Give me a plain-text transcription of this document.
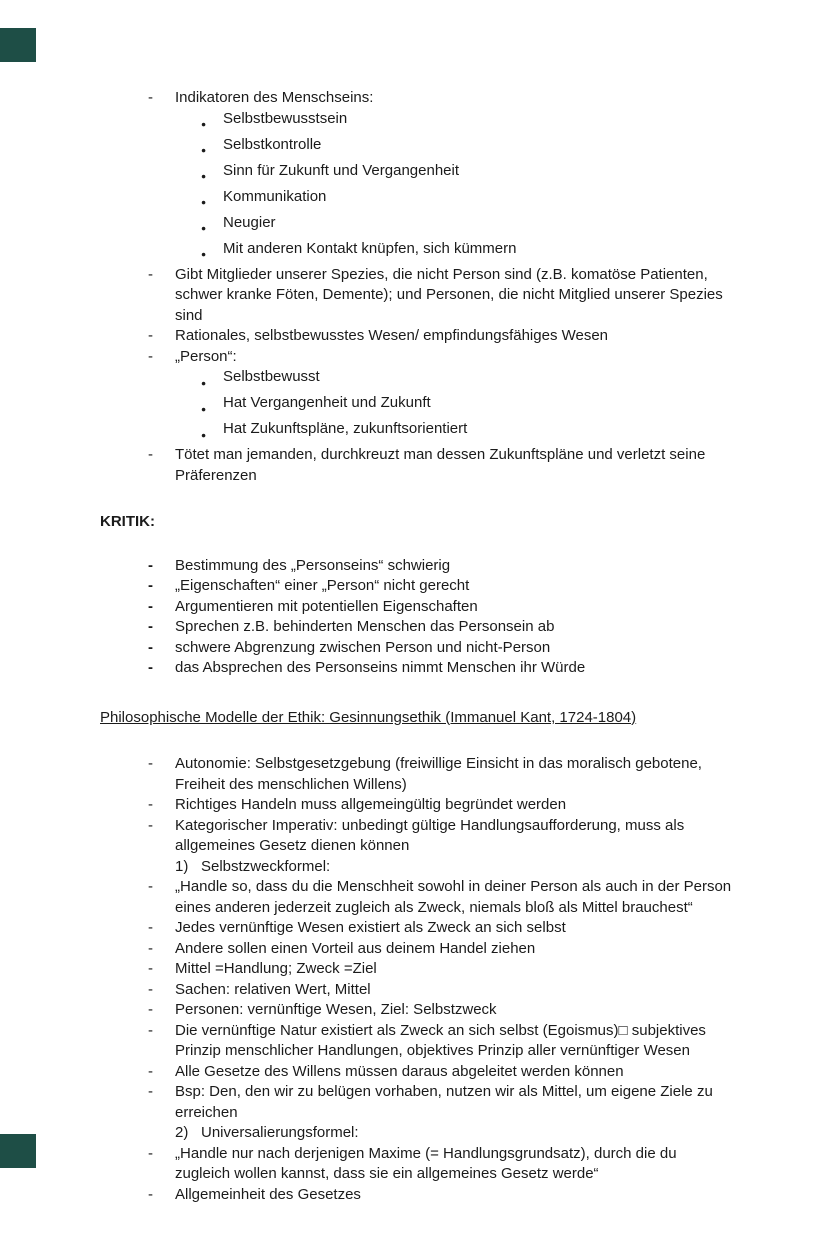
-	Indikatoren des Menschseins:
●	Selbstbewusstsein
●	Selbstkontrolle
●	Sinn für Zukunft und Vergangenheit
●	Kommunikation
●	Neugier
●	Mit anderen Kontakt knüpfen, sich kümmern
-	Gibt Mitglieder unserer Spezies, die nicht Person sind (z.B. komatöse Patienten, schwer kranke Föten, Demente); und Personen, die nicht Mitglied unserer Spezies sind
-	Rationales, selbstbewusstes Wesen/ empfindungsfähiges Wesen
-	„Person“:
●	Selbstbewusst
●	Hat Vergangenheit und Zukunft
●	Hat Zukunftspläne, zukunftsorientiert
-	Tötet man jemanden, durchkreuzt man dessen Zukunftspläne und verletzt seine Präferenzen
KRITIK:
-	Bestimmung des „Personseins“ schwierig
-	„Eigenschaften“ einer „Person“ nicht gerecht
-	Argumentieren mit potentiellen Eigenschaften
-	Sprechen z.B. behinderten Menschen das Personsein ab
-	schwere Abgrenzung zwischen Person und nicht-Person
-	das Absprechen des Personseins nimmt Menschen ihr Würde
Philosophische Modelle der Ethik: Gesinnungsethik (Immanuel Kant, 1724-1804)
-	Autonomie: Selbstgesetzgebung (freiwillige Einsicht in das moralisch gebotene, Freiheit des menschlichen Willens)
-	Richtiges Handeln muss allgemeingültig begründet werden
-	Kategorischer Imperativ: unbedingt gültige Handlungsaufforderung, muss als allgemeines Gesetz dienen können
1) Selbstzweckformel:
-	„Handle so, dass du die Menschheit sowohl in deiner Person als auch in der Person eines anderen jederzeit zugleich als Zweck, niemals bloß als Mittel brauchest“
-	Jedes vernünftige Wesen existiert als Zweck an sich selbst
-	Andere sollen einen Vorteil aus deinem Handel ziehen
-	Mittel =Handlung; Zweck =Ziel
-	Sachen: relativen Wert, Mittel
-	Personen: vernünftige Wesen, Ziel: Selbstzweck
-	Die vernünftige Natur existiert als Zweck an sich selbst (Egoismus)□ subjektives Prinzip menschlicher Handlungen, objektives Prinzip aller vernünftiger Wesen
-	Alle Gesetze des Willens müssen daraus abgeleitet werden können
-	Bsp: Den, den wir zu belügen vorhaben, nutzen wir als Mittel, um eigene Ziele zu erreichen
2) Universalierungsformel:
-	„Handle nur nach derjenigen Maxime (= Handlungsgrundsatz), durch die du zugleich wollen kannst, dass sie ein allgemeines Gesetz werde“
-	Allgemeinheit des Gesetzes
